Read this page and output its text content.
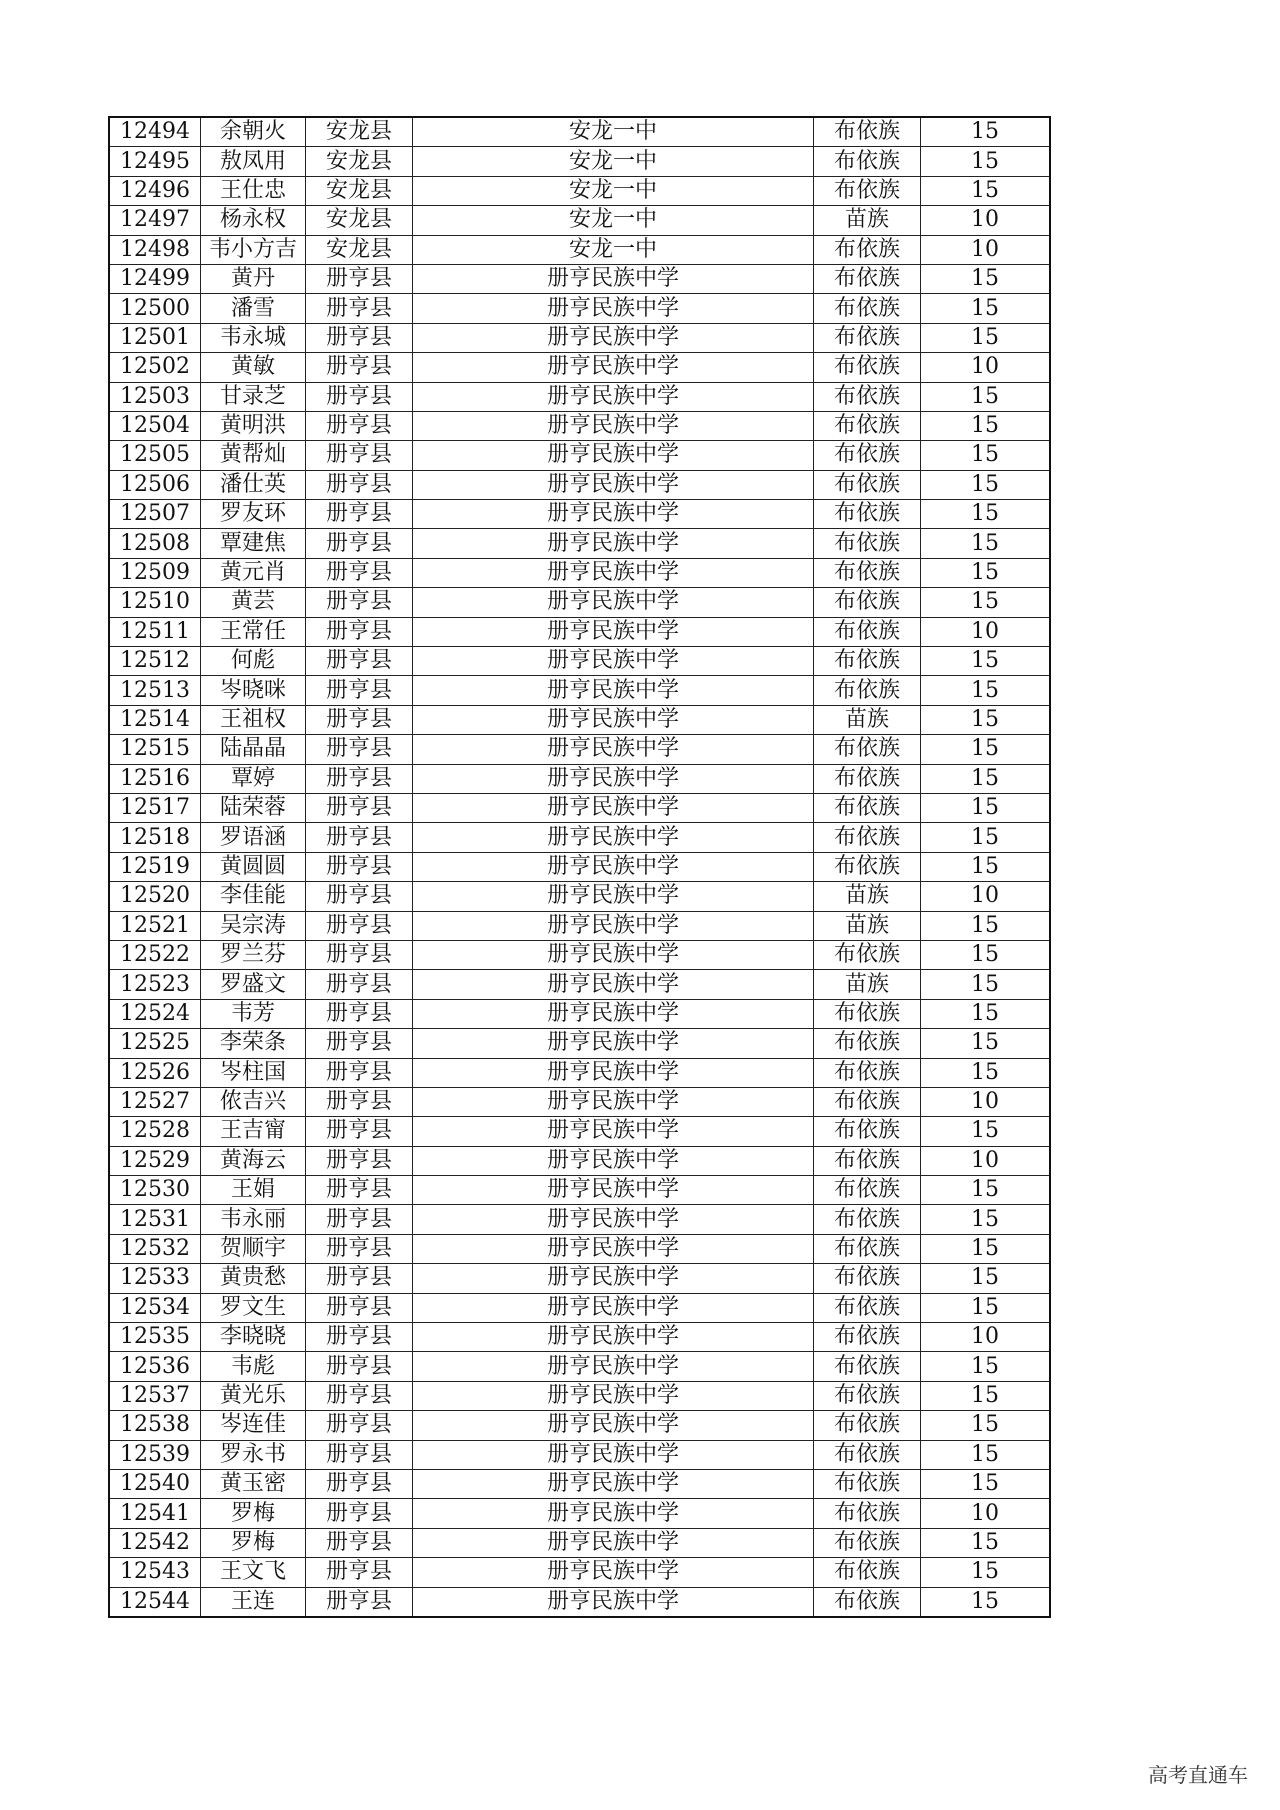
12494	余朝火	安龙县	安龙一中	布依族	15
12495	敖凤用	安龙县	安龙一中	布依族	15
12496	王仕忠	安龙县	安龙一中	布依族	15
12497	杨永权	安龙县	安龙一中	苗族	10
12498	韦小方吉	安龙县	安龙一中	布依族	10
12499	黄丹	册亨县	册亨民族中学	布依族	15
12500	潘雪	册亨县	册亨民族中学	布依族	15
12501	韦永城	册亨县	册亨民族中学	布依族	15
12502	黄敏	册亨县	册亨民族中学	布依族	10
12503	甘录芝	册亨县	册亨民族中学	布依族	15
12504	黄明洪	册亨县	册亨民族中学	布依族	15
12505	黄帮灿	册亨县	册亨民族中学	布依族	15
12506	潘仕英	册亨县	册亨民族中学	布依族	15
12507	罗友环	册亨县	册亨民族中学	布依族	15
12508	覃建焦	册亨县	册亨民族中学	布依族	15
12509	黄元肖	册亨县	册亨民族中学	布依族	15
12510	黄芸	册亨县	册亨民族中学	布依族	15
12511	王常任	册亨县	册亨民族中学	布依族	10
12512	何彪	册亨县	册亨民族中学	布依族	15
12513	岑晓咪	册亨县	册亨民族中学	布依族	15
12514	王祖权	册亨县	册亨民族中学	苗族	15
12515	陆晶晶	册亨县	册亨民族中学	布依族	15
12516	覃婷	册亨县	册亨民族中学	布依族	15
12517	陆荣蓉	册亨县	册亨民族中学	布依族	15
12518	罗语涵	册亨县	册亨民族中学	布依族	15
12519	黄圆圆	册亨县	册亨民族中学	布依族	15
12520	李佳能	册亨县	册亨民族中学	苗族	10
12521	吴宗涛	册亨县	册亨民族中学	苗族	15
12522	罗兰芬	册亨县	册亨民族中学	布依族	15
12523	罗盛文	册亨县	册亨民族中学	苗族	15
12524	韦芳	册亨县	册亨民族中学	布依族	15
12525	李荣条	册亨县	册亨民族中学	布依族	15
12526	岑柱国	册亨县	册亨民族中学	布依族	15
12527	侬吉兴	册亨县	册亨民族中学	布依族	10
12528	王吉甯	册亨县	册亨民族中学	布依族	15
12529	黄海云	册亨县	册亨民族中学	布依族	10
12530	王娟	册亨县	册亨民族中学	布依族	15
12531	韦永丽	册亨县	册亨民族中学	布依族	15
12532	贺顺宇	册亨县	册亨民族中学	布依族	15
12533	黄贵愁	册亨县	册亨民族中学	布依族	15
12534	罗文生	册亨县	册亨民族中学	布依族	15
12535	李晓晓	册亨县	册亨民族中学	布依族	10
12536	韦彪	册亨县	册亨民族中学	布依族	15
12537	黄光乐	册亨县	册亨民族中学	布依族	15
12538	岑连佳	册亨县	册亨民族中学	布依族	15
12539	罗永书	册亨县	册亨民族中学	布依族	15
12540	黄玉密	册亨县	册亨民族中学	布依族	15
12541	罗梅	册亨县	册亨民族中学	布依族	10
12542	罗梅	册亨县	册亨民族中学	布依族	15
12543	王文飞	册亨县	册亨民族中学	布依族	15
12544	王连	册亨县	册亨民族中学	布依族	15
高考直通车
